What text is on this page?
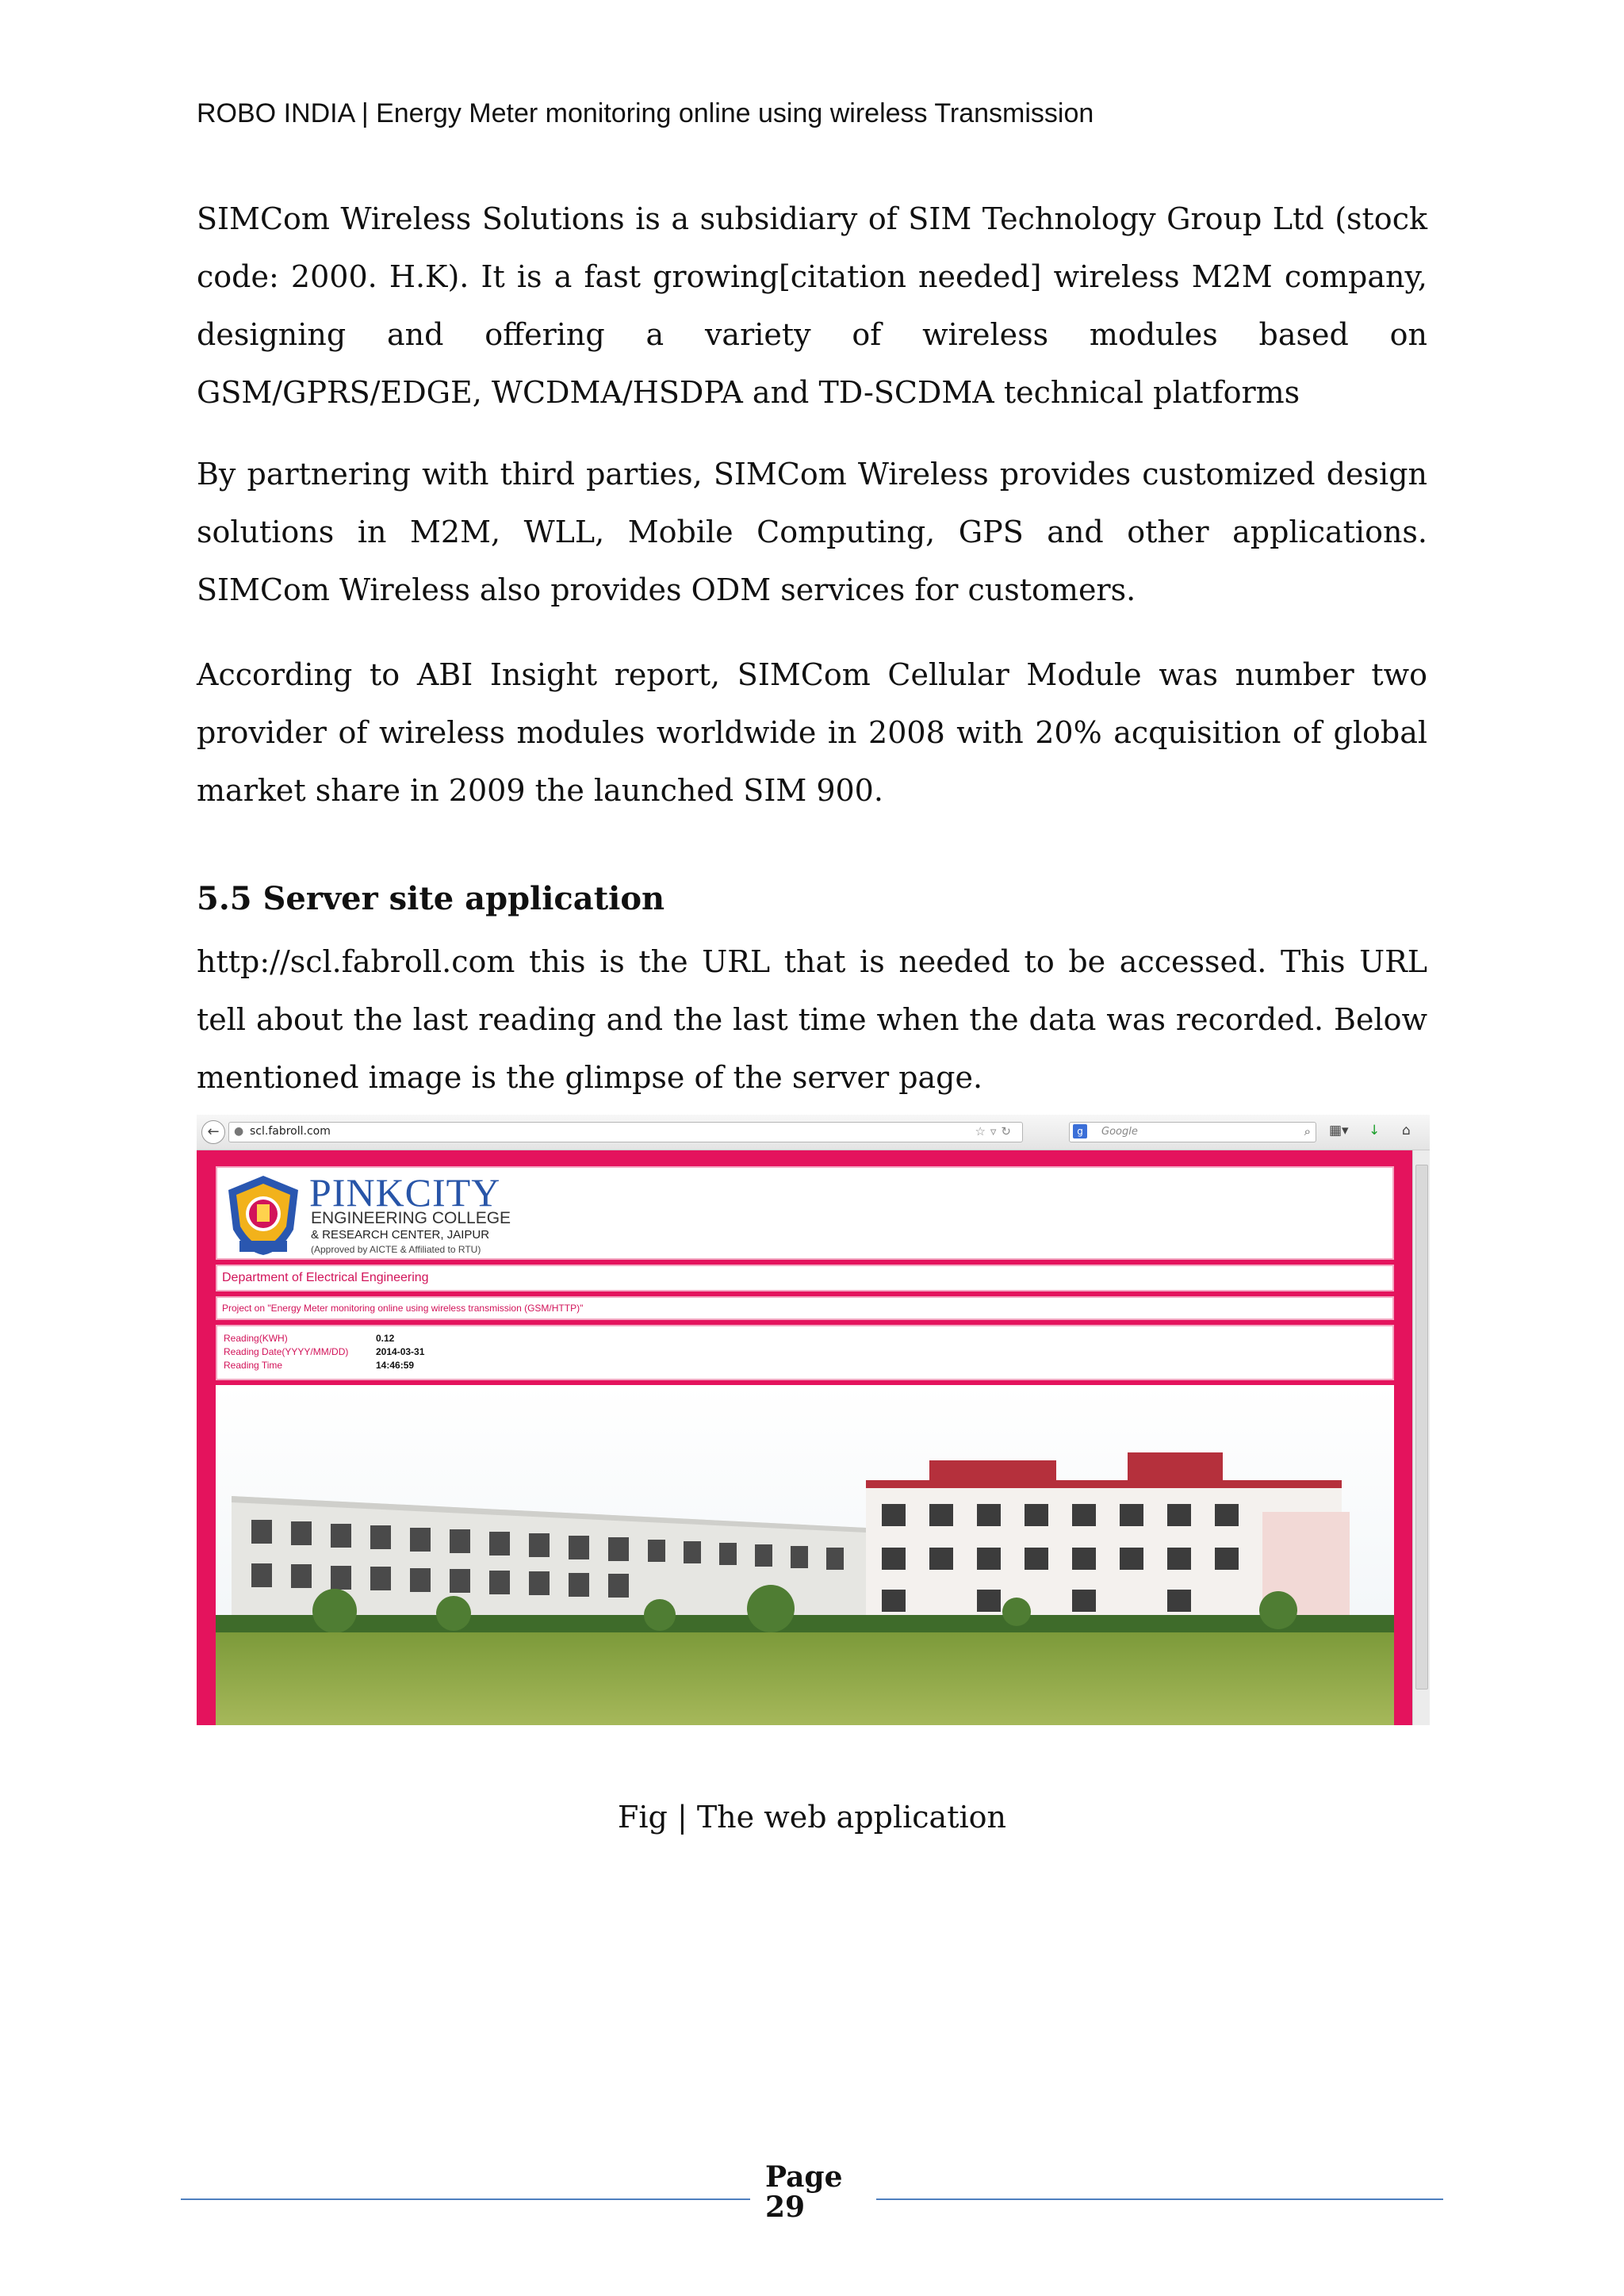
ROBO INDIA | Energy Meter monitoring online using wireless Transmission

SIMCom Wireless Solutions is a subsidiary of SIM Technology Group Ltd (stock code: 2000. H.K). It is a fast growing[citation needed] wireless M2M company, designing and offering a variety of wireless modules based on GSM/GPRS/EDGE, WCDMA/HSDPA and TD-SCDMA technical platforms

By partnering with third parties, SIMCom Wireless provides customized design solutions in M2M, WLL, Mobile Computing, GPS and other applications. SIMCom Wireless also provides ODM services for customers.

According to ABI Insight report, SIMCom Cellular Module was number two provider of wireless modules worldwide in 2008 with 20% acquisition of global market share in 2009 the launched SIM 900.

5.5 Server site application

http://scl.fabroll.com this is the URL that is needed to be accessed. This URL tell about the last reading and the last time when the data was recorded. Below mentioned image is the glimpse of the server page.

←	● scl.fabroll.com	☆▿↻	g	Google	⌕ ▦▾ ↓ ⌂
PINKCITY
ENGINEERING COLLEGE
& RESEARCH CENTER, JAIPUR
(Approved by AICTE & Affiliated to RTU)
Department of Electrical Engineering
Project on "Energy Meter monitoring online using wireless transmission (GSM/HTTP)"
Reading(KWH)	0.12
Reading Date(YYYY/MM/DD)	2014-03-31
Reading Time	14:46:59
Fig | The web application
Page
29
